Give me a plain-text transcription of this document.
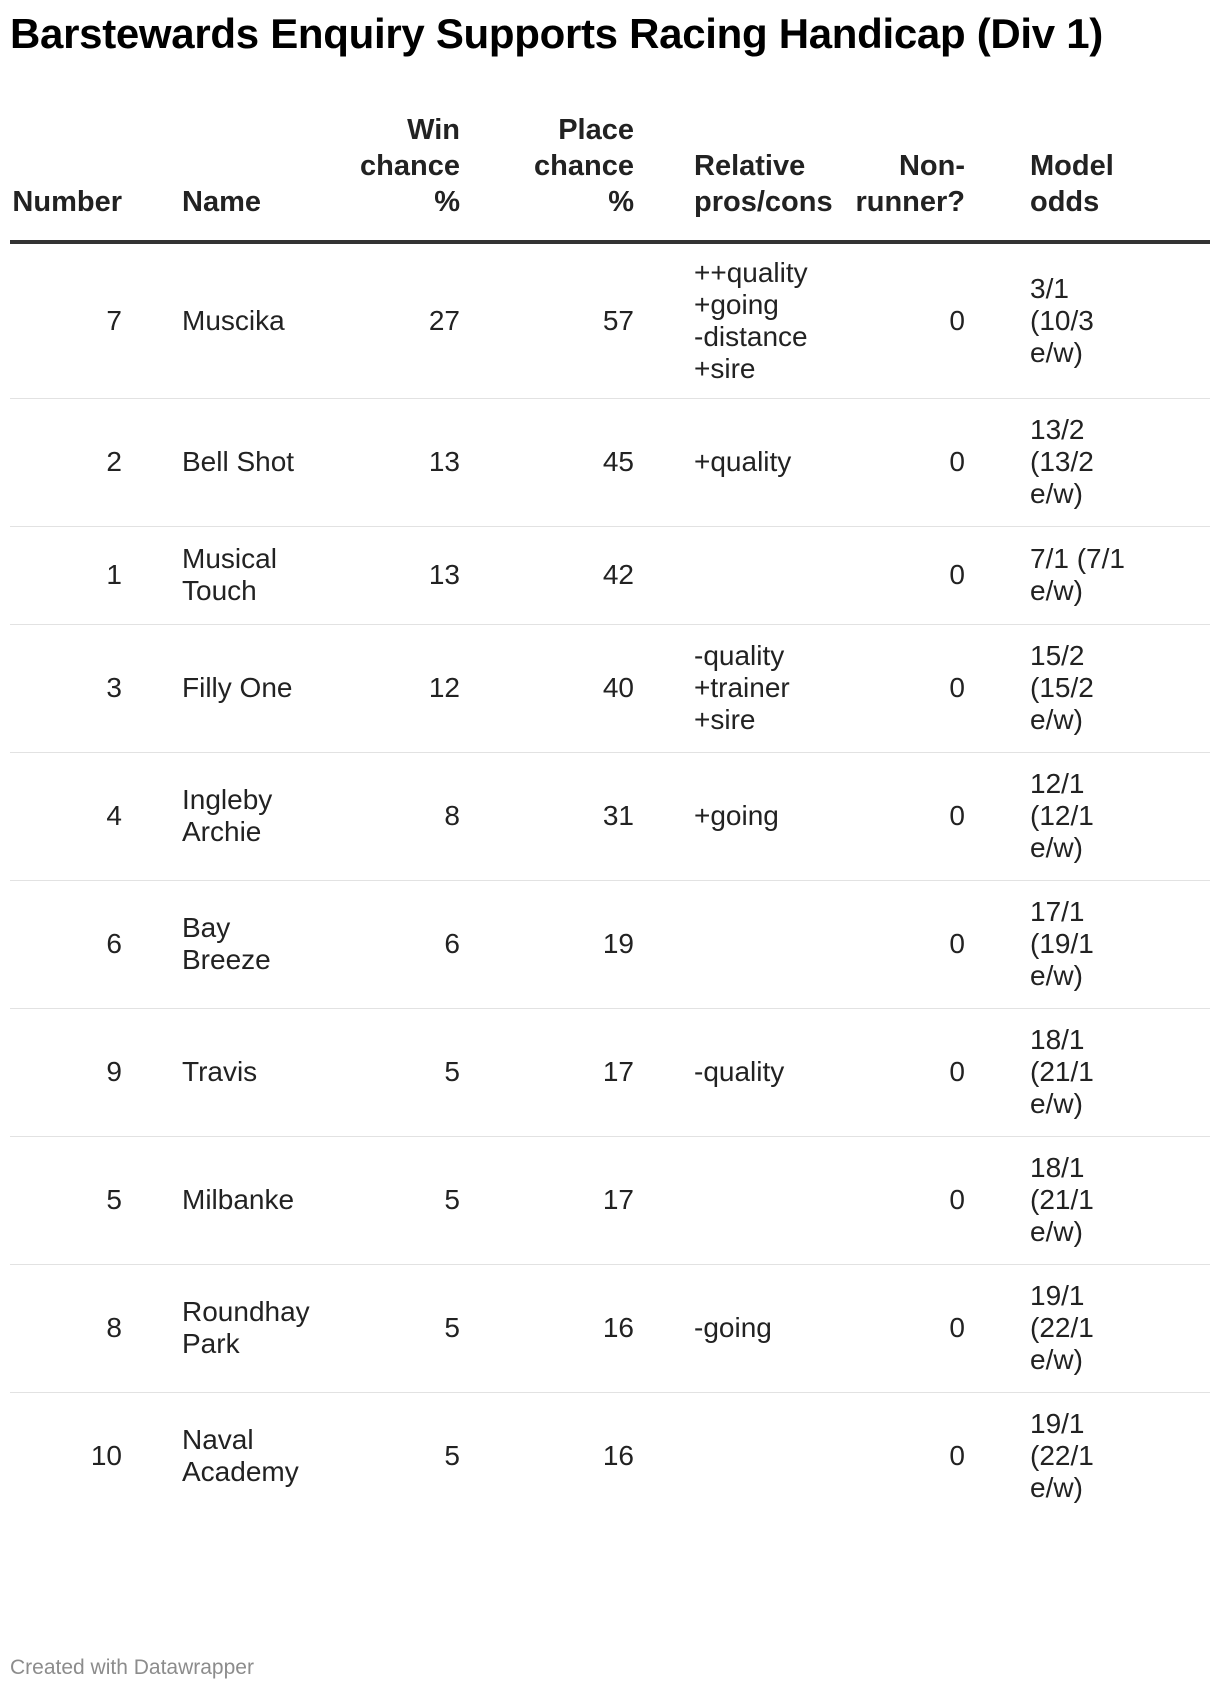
Barstewards Enquiry Supports Racing Handicap (Div 1)
Number	Name	Win
chance
%	Place
chance
%	Relative
pros/cons	Non-
runner?	Model
odds

7	Muscika	27	57	++quality
+going
-distance
+sire	0	3/1
(10/3
e/w)

2	Bell Shot	13	45	+quality	0	13/2
(13/2
e/w)

1	Musical
Touch	13	42		0	7/1 (7/1
e/w)

3	Filly One	12	40	-quality
+trainer
+sire	0	15/2
(15/2
e/w)

4	Ingleby
Archie	8	31	+going	0	12/1
(12/1
e/w)

6	Bay
Breeze	6	19		0	17/1
(19/1
e/w)

9	Travis	5	17	-quality	0	18/1
(21/1
e/w)

5	Milbanke	5	17		0	18/1
(21/1
e/w)

8	Roundhay
Park	5	16	-going	0	19/1
(22/1
e/w)

10	Naval
Academy	5	16		0	19/1
(22/1
e/w)
Created with Datawrapper
